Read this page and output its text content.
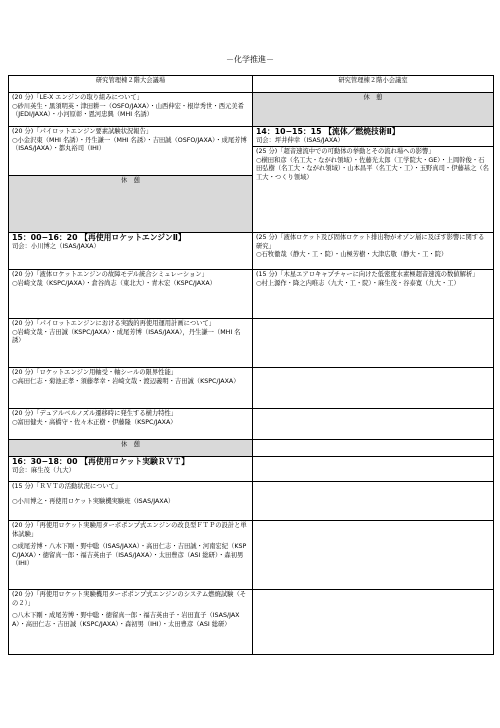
－化学推進－
研究管理棟２階大会議場	研究管理棟２階小会議室

(20 分)「LE-X エンジンの取り組みについて」
○砂川英生・黒須明英・津田耕一（OSFO/JAXA）・山西伸宏・根岸秀世・西元美希（JEDI/JAXA）・小河原彰・恩河忠興（MHI 名誘）	休　憩

(20 分)「パイロットエンジン要素試験状況報告」
○小金沢東（MHI 名誘）・丹生謙一（MHI 名誘）・吉田誠（OSFO/JAXA）・成尾芳博（ISAS/JAXA）・都丸裕司（IHI）	14：10−15：15 【流体／燃焼技術Ⅱ】
司会：坪井伸幸（ISAS/JAXA）

	(25 分)「超音速流中での可動体の挙動とその流れ場への影響」
○横田和彦（名工大・ながれ領域）・佐藤光太郎（工学院大・GE）・上岡幹俊・石田弘樹（名工大・ながれ領域）・山本昌平（名工大・工）・玉野真司・伊藤基之（名工大・つくり領域）

休　憩	

15：00−16：20 【再使用ロケットエンジンⅡ】
司会：小川博之（ISAS/JAXA）	(25 分)「液体ロケット及び固体ロケット排出物がオゾン層に及ぼす影響に関する研究」
○石牧徹哉（静大・工・院）・山極芳樹・大津広敬（静大・工・院）

(20 分)「液体ロケットエンジンの故障モデル統合シミュレーション」
○岩崎文哉（KSPC/JAXA）・倉谷尚志（東北大）・青木宏（KSPC/JAXA）	

	(15 分)「木星エアロキャプチャーに向けた低密度水素極超音速流の数値解析」
○村上源作・降之内唯志（九大・工・院）・麻生茂・谷泰寛（九大・工）

(20 分)「パイロットエンジンにおける実践的再使用運用計画について」
○岩崎文哉・吉田誠（KSPC/JAXA）・成尾芳博（ISAS/JAXA），丹生謙一（MHI 名誘）	

(20 分)「ロケットエンジン用軸受・軸シールの限界性能」
○高田仁志・菊池正孝・須藤孝幸・岩崎文哉・渡辺義明・吉田誠（KSPC/JAXA）	

(20 分)「デュアルベルノズル遷移時に発生する横力特性」
○富田健夫・高橋守・佐々木正樹・伊藤隆（KSPC/JAXA）	

休　憩	

16：30−18：00 【再使用ロケット実験ＲＶＴ】
司会：麻生茂（九大）	

(15 分)「ＲＶＴの活動状況について」
○小川博之・再使用ロケット実験機実験班（ISAS/JAXA）	

(20 分)「再使用ロケット実験用ターボポンプ式エンジンの改良型ＦＴＰの設計と単体試験」
○成尾芳博・八木下剛・野中聡（ISAS/JAXA）・高田仁志・吉田誠・河南宏紀（KSPC/JAXA）・徳留真一郎・福吉英由子（ISAS/JAXA）・太田豊彦（ASI 総研）・森初男（IHI）	

(20 分)「再使用ロケット実験機用ターボポンプ式エンジンのシステム燃焼試験（その２）」
○八木下剛・成尾芳博・野中聡・徳留真一郎・福吉英由子・岩田直子（ISAS/JAXA）・高田仁志・吉田誠（KSPC/JAXA）・森初男（IHI）・太田豊彦（ASI 総研）	
